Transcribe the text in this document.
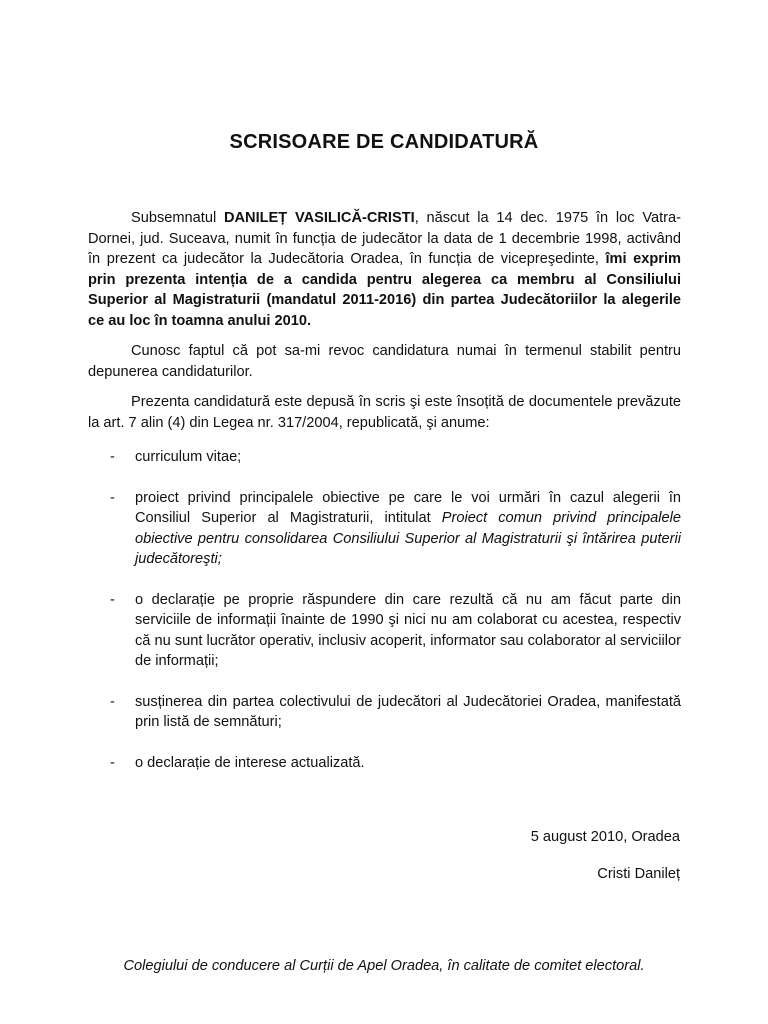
SCRISOARE DE CANDIDATURĂ

Subsemnatul DANILEȚ VASILICĂ-CRISTI, născut la 14 dec. 1975 în loc Vatra-Dornei, jud. Suceava, numit în funcția de judecător la data de 1 decembrie 1998, activând în prezent ca judecător la Judecătoria Oradea, în funcția de vicepreşedinte, îmi exprim prin prezenta intenția de a candida pentru alegerea ca membru al Consiliului Superior al Magistraturii (mandatul 2011-2016) din partea Judecătoriilor la alegerile ce au loc în toamna anului 2010.

Cunosc faptul că pot sa-mi revoc candidatura numai în termenul stabilit pentru depunerea candidaturilor.

Prezenta candidatură este depusă în scris şi este însoțită de documentele prevăzute la art. 7 alin (4) din Legea nr. 317/2004, republicată, şi anume:

- curriculum vitae;
- proiect privind principalele obiective pe care le voi urmări în cazul alegerii în Consiliul Superior al Magistraturii, intitulat Proiect comun privind principalele obiective pentru consolidarea Consiliului Superior al Magistraturii şi întărirea puterii judecătoreşti;
- o declarație pe proprie răspundere din care rezultă că nu am făcut parte din serviciile de informații înainte de 1990 şi nici nu am colaborat cu acestea, respectiv că nu sunt lucrător operativ, inclusiv acoperit, informator sau colaborator al serviciilor de informații;
- susținerea din partea colectivului de judecători al Judecătoriei Oradea, manifestată prin listă de semnături;
- o declarație de interese actualizată.
5 august 2010, Oradea
Cristi Danileț
Colegiului de conducere al Curții de Apel Oradea, în calitate de comitet electoral.
